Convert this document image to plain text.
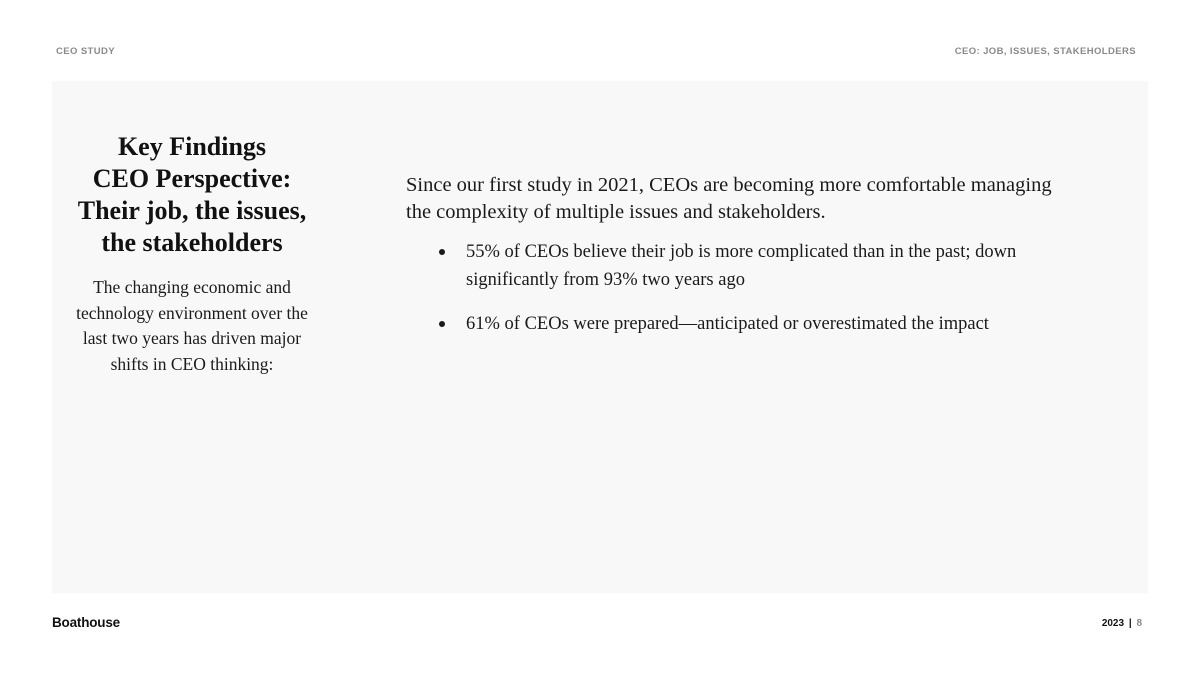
CEO STUDY	CEO: JOB, ISSUES, STAKEHOLDERS
Key Findings
CEO Perspective:
Their job, the issues,
the stakeholders
The changing economic and technology environment over the last two years has driven major shifts in CEO thinking:

Since our first study in 2021, CEOs are becoming more comfortable managing the complexity of multiple issues and stakeholders.

55% of CEOs believe their job is more complicated than in the past; down significantly from 93% two years ago
61% of CEOs were prepared—anticipated or overestimated the impact
Boathouse	2023 | 8
